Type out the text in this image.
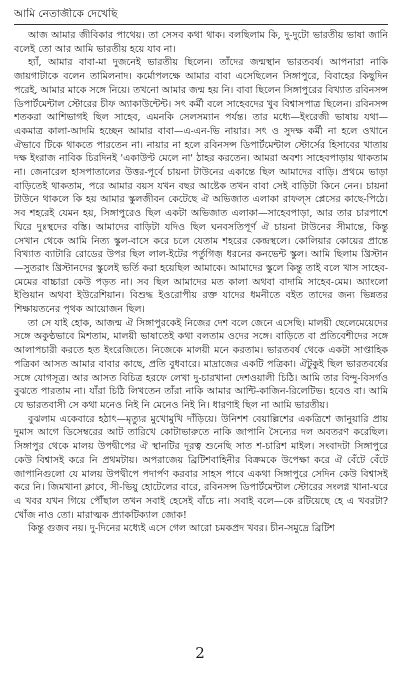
আমি নেতাজীকে দেখেছি

আজ আমার জীবিকার পাথেয়। তা সেসব কথা থাক। বলছিলাম কি, দু-দুটো ভারতীয় ভাষা জানি বলেই তো আর আমি ভারতীয় হয়ে যাব না।

হ্যাঁ, আমার বাবা-মা দুজনেই ভারতীয় ছিলেন। তাঁদের জন্মস্থান ভারতবর্ষ। আপনারা নাকি জায়গাটাকে বলেন তামিলনাদ। কর্মোপলক্ষে আমার বাবা এসেছিলেন সিঙ্গাপুরে, বিবাহের কিছুদিন পরেই, আমার মাকে সঙ্গে নিয়ে। তখনো আমার জন্ম হয় নি। বাবা ছিলেন সিঙ্গাপুরের বিখ্যাত রবিনসন্স ডিপার্টমেন্টাল স্টোরের চীফ অ্যাকাউন্টেন্ট। সৎ কর্মী বলে সাহেবদের খুব বিশ্বাসপাত্র ছিলেন। রবিনসন্স শতকরা আশিভাগই ছিল সাহেব, এমনকি সেলসম্যান পর্যন্ত। তার মধ্যে—ইংরেজী ভাষায় যথা—একমাত্র কালা-আদমি হচ্ছেন আমার বাবা—এ-এন-ভি নায়ার। সৎ ও সুদক্ষ কর্মী না হলে ওখানে ঐভাবে টিকে থাকতে পারতেন না। নায়ার না হলে রবিনসন্স ডিপার্টমেন্টাল স্টোর্সের হিসাবের খাতায় দক্ষ ইংরাজ নাবিক চিরদিনই 'একাউণ্ট মেলে না' ঠাহর করতেন। আমরা অবশ্য সাহেবপাড়ায় থাকতাম না। জেনারেল হাসপাতালের উত্তর-পূর্বে চায়না টাউনের একান্তে ছিল আমাদের বাড়ি। প্রথমে ভাড়া বাড়িতেই থাকতাম, পরে আমার বয়স যখন বছর আষ্টেক তখন বাবা সেই বাড়িটা কিনে নেন। চায়না টাউনে থাকলে কি হয় আমার স্কুলজীবন কেটেছে ঐ অভিজাত এলাকা রাফল্‌স প্লেসের কাছে-পিঠে। সব শহরেই যেমন হয়, সিঙ্গাপুরেও ছিল একটা অভিজাত এলাকা—সাহেবপাড়া, আর তার চারপাশে ঘিরে দুঃস্থদের বস্তি। আমাদের বাড়িটা যদিও ছিল ঘনবসতিপূর্ণ ঐ চায়না টাউনের সীমান্তে, কিন্তু সেখান থেকে আমি নিত্য স্কুল-বাসে করে চলে যেতাম শহরের কেন্দ্রস্থলে। কোলিয়ার কোয়ের প্রান্তে বিখ্যাত ব্যাটারি রোডের উপর ছিল লাল-ইটের পর্তুগিজ় ধরনের কনভেন্ট স্কুল। আমি ছিলাম খ্রিস্টান—সুতরাং খ্রিস্টানদের স্কুলেই ভর্তি করা হয়েছিল আমাকে। আমাদের স্কুলে কিন্তু তাই বলে খাস সাহেব-মেমের বাচ্চারা কেউ পড়ত না। সব ছিল আমাদের মত কালা অথবা বাদামি সাহেব-মেম। অ্যাংলো ইণ্ডিয়ান অথবা ইউরেশিয়ান। বিশুদ্ধ ইওরোপীয় রক্ত যাদের ধমনীতে বইত তাদের জন্য ভিন্নতর শিক্ষায়তনের পৃথক আয়োজন ছিল।

তা সে যাই হোক, আজন্ম ঐ সিঙ্গাপুরকেই নিজের দেশ বলে জেনে এসেছি। মালয়ী ছেলেমেয়েদের সঙ্গে অকুণ্ঠভাবে মিশতাম, মালয়ী ভাষাতেই কথা বলতাম ওদের সঙ্গে। বাড়িতে বা প্রতিবেশীদের সঙ্গে আলাপচারী করতে হত ইংরেজিতে। নিজেকে মালয়ী মনে করতাম। ভারতবর্ষ থেকে একটা সাপ্তাহিক পত্রিকা আসত আমার বাবার কাছে, প্রতি বুধবারে। মাদ্রাজের একটি পত্রিকা। ঐটুকুই ছিল ভারতবর্ষের সঙ্গে যোগসূত্র। আর আসত বিচিত্র হরফে লেখা দু-চারখানা দেশওয়ালী চিঠি। আমি তার বিন্দু-বিসর্গও বুঝতে পারতাম না। যাঁরা চিঠি লিখতেন তাঁরা নাকি আমার আন্টি-কাজিন-রিলেটিভ। হবেও বা। আমি যে ভারতবাসী সে কথা মনেও নিই নি মেনেও নিই নি। ধারণাই ছিল না আমি ভারতীয়।

বুঝলাম একেবারে হঠাৎ—মৃত্যুর মুখোমুখি দাঁড়িয়ে। উনিশশ বেয়াল্লিশের একত্রিশে জানুয়ারি প্রায় দুমাস আগে ডিসেম্বরের আট তারিখে কোটাভারুতে নাকি জাপানি সৈন্যের দল অবতরণ করেছিল। সিঙ্গাপুর থেকে মালয় উপদ্বীপের ঐ স্থানটির দূরত্ব শুনেছি সাত শ-চারিশ মাইল। সংবাদটা সিঙ্গাপুরে কেউ বিশ্বাসই করে নি প্রথমটায়। অপরাজেয় ব্রিটিশবাহিনীর বিক্রমকে উপেক্ষা করে ঐ বেঁটে বেঁটে জাপানিগুলো যে মালয় উপদ্বীপে পদার্পণ করবার সাহস পাবে একথা সিঙ্গাপুরে সেদিন কেউ বিশ্বাসই করে নি। জিমখানা ক্লাবে, সী-ভিয়ু হোটেলের বারে, রবিনসন্স ডিপার্টমেন্টাল স্টোরের সংলগ্ন খানা-ঘরে এ খবর যখন গিয়ে পৌঁছাল তখন সবাই হেসেই বাঁচে না। সবাই বলে—কে রটিয়েছে হে এ খবরটা? খোঁজ নাও তো। মারাত্মক প্র্যাকটিক্যাল জোক!

কিন্তু গুজব নয়। দু-দিনের মধ্যেই এসে গেল আরো চমকপ্রদ খবর। চীন-সমুদ্রে ব্রিটিশ

2
